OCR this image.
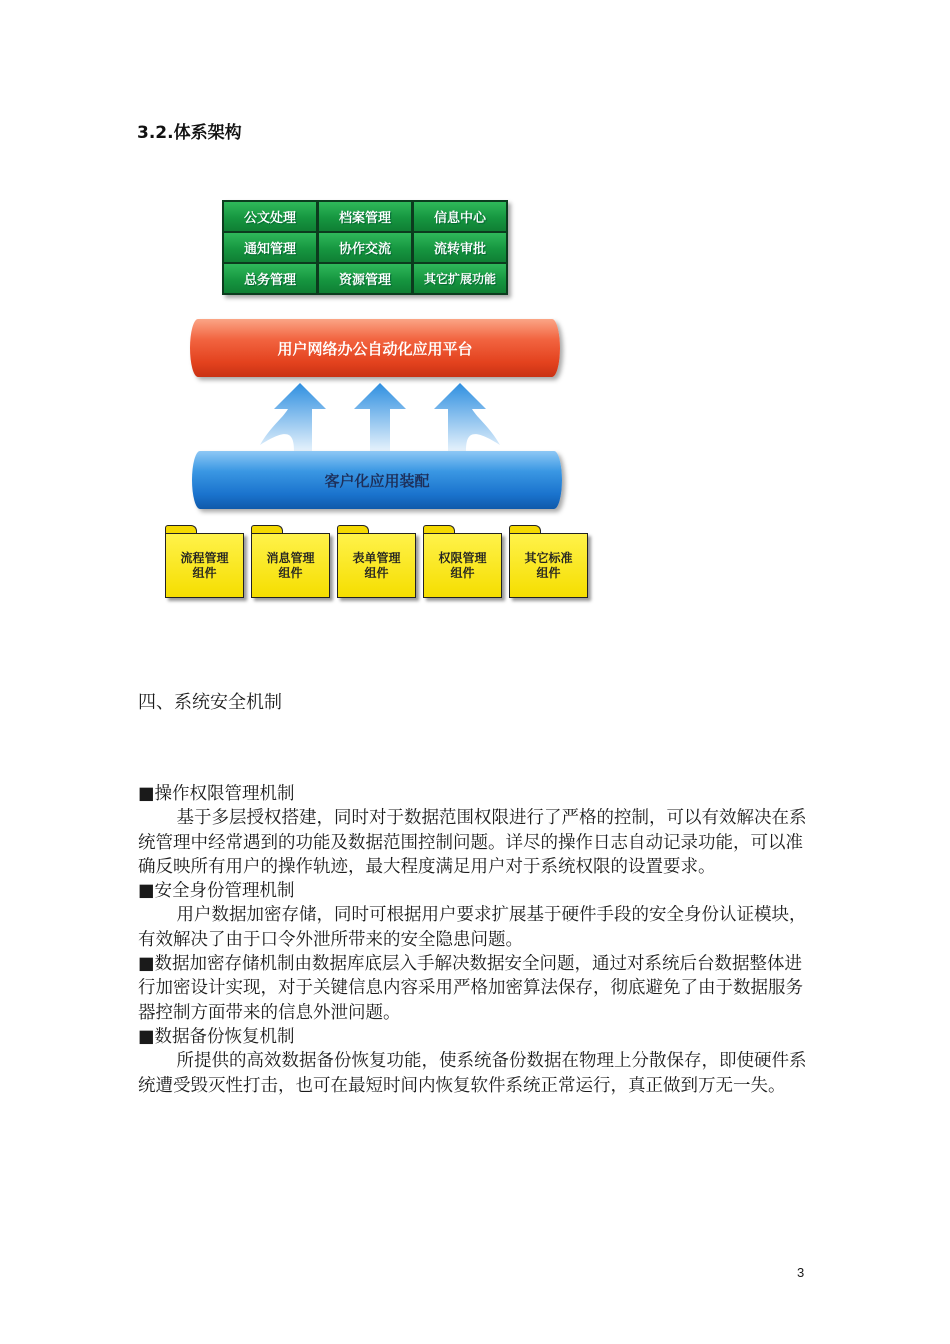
3.2.体系架构
公文处理	档案管理	信息中心
通知管理	协作交流	流转审批
总务管理	资源管理	其它扩展功能
用户网络办公自动化应用平台
客户化应用装配
流程管理
组件
消息管理
组件
表单管理
组件
权限管理
组件
其它标准
组件
四、系统安全机制

■操作权限管理机制

基于多层授权搭建，同时对于数据范围权限进行了严格的控制，可以有效解决在系统管理中经常遇到的功能及数据范围控制问题。详尽的操作日志自动记录功能，可以准确反映所有用户的操作轨迹，最大程度满足用户对于系统权限的设置要求。

■安全身份管理机制

用户数据加密存储，同时可根据用户要求扩展基于硬件手段的安全身份认证模块，有效解决了由于口令外泄所带来的安全隐患问题。

■数据加密存储机制由数据库底层入手解决数据安全问题，通过对系统后台数据整体进行加密设计实现，对于关键信息内容采用严格加密算法保存，彻底避免了由于数据服务器控制方面带来的信息外泄问题。

■数据备份恢复机制

所提供的高效数据备份恢复功能，使系统备份数据在物理上分散保存，即使硬件系统遭受毁灭性打击，也可在最短时间内恢复软件系统正常运行，真正做到万无一失。

3
